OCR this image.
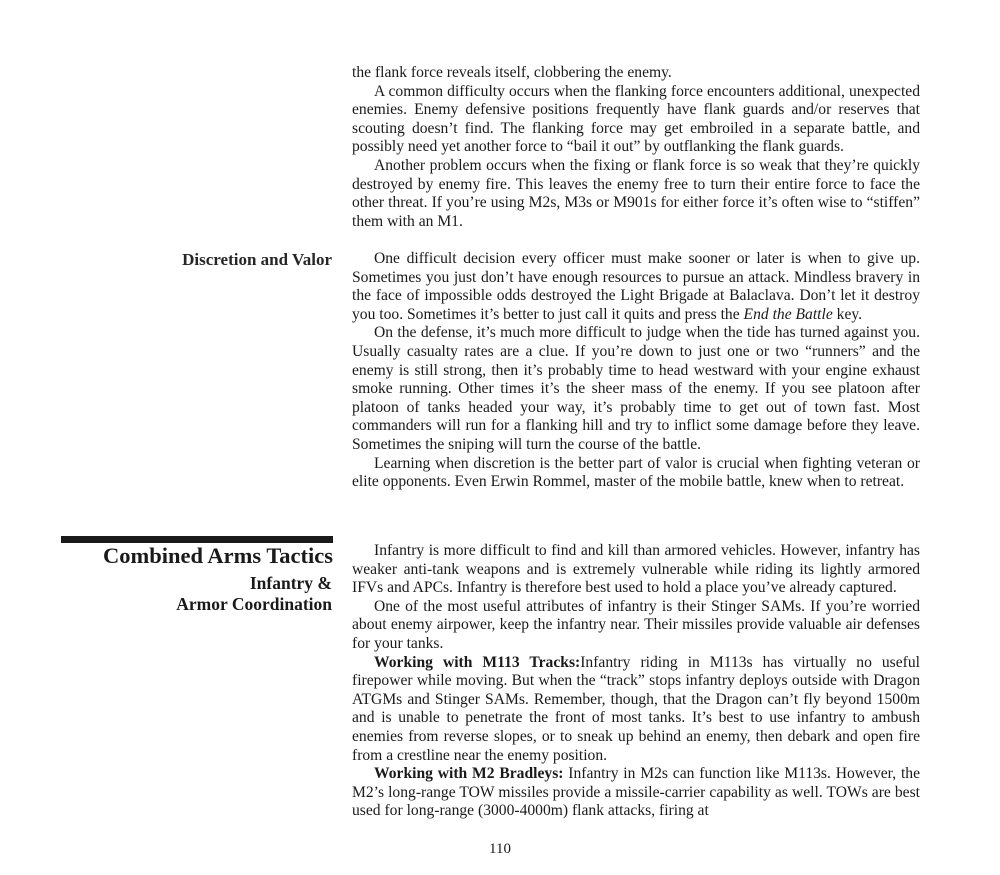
the flank force reveals itself, clobbering the enemy.

A common difficulty occurs when the flanking force encounters additional, unexpected enemies. Enemy defensive positions frequently have flank guards and/or reserves that scouting doesn’t find. The flanking force may get embroiled in a separate battle, and possibly need yet another force to “bail it out” by outflanking the flank guards.

Another problem occurs when the fixing or flank force is so weak that they’re quickly destroyed by enemy fire. This leaves the enemy free to turn their entire force to face the other threat. If you’re using M2s, M3s or M901s for either force it’s often wise to “stiffen” them with an M1.

Discretion and Valor	One difficult decision every officer must make sooner or later is when to give up. Sometimes you just don’t have enough resources to pursue an attack. Mindless bravery in the face of impossible odds destroyed the Light Brigade at Balaclava. Don’t let it destroy you too. Sometimes it’s better to just call it quits and press the End the Battle key.

On the defense, it’s much more difficult to judge when the tide has turned against you. Usually casualty rates are a clue. If you’re down to just one or two “runners” and the enemy is still strong, then it’s probably time to head westward with your engine exhaust smoke running. Other times it’s the sheer mass of the enemy. If you see platoon after platoon of tanks headed your way, it’s probably time to get out of town fast. Most commanders will run for a flanking hill and try to inflict some damage before they leave. Sometimes the sniping will turn the course of the battle.

Learning when discretion is the better part of valor is crucial when fighting veteran or elite opponents. Even Erwin Rommel, master of the mobile battle, knew when to retreat.

Combined Arms Tactics
Infantry &
Armor Coordination

Infantry is more difficult to find and kill than armored vehicles. However, infantry has weaker anti-tank weapons and is extremely vulnerable while riding its lightly armored IFVs and APCs. Infantry is therefore best used to hold a place you’ve already captured.

One of the most useful attributes of infantry is their Stinger SAMs. If you’re worried about enemy airpower, keep the infantry near. Their missiles provide valuable air defenses for your tanks.

Working with M113 Tracks:Infantry riding in M113s has virtually no useful firepower while moving. But when the “track” stops infantry deploys outside with Dragon ATGMs and Stinger SAMs. Remember, though, that the Dragon can’t fly beyond 1500m and is unable to penetrate the front of most tanks. It’s best to use infantry to ambush enemies from reverse slopes, or to sneak up behind an enemy, then debark and open fire from a crestline near the enemy position.

Working with M2 Bradleys: Infantry in M2s can function like M113s. However, the M2’s long-range TOW missiles provide a missile-carrier capability as well. TOWs are best used for long-range (3000-4000m) flank attacks, firing at

110
